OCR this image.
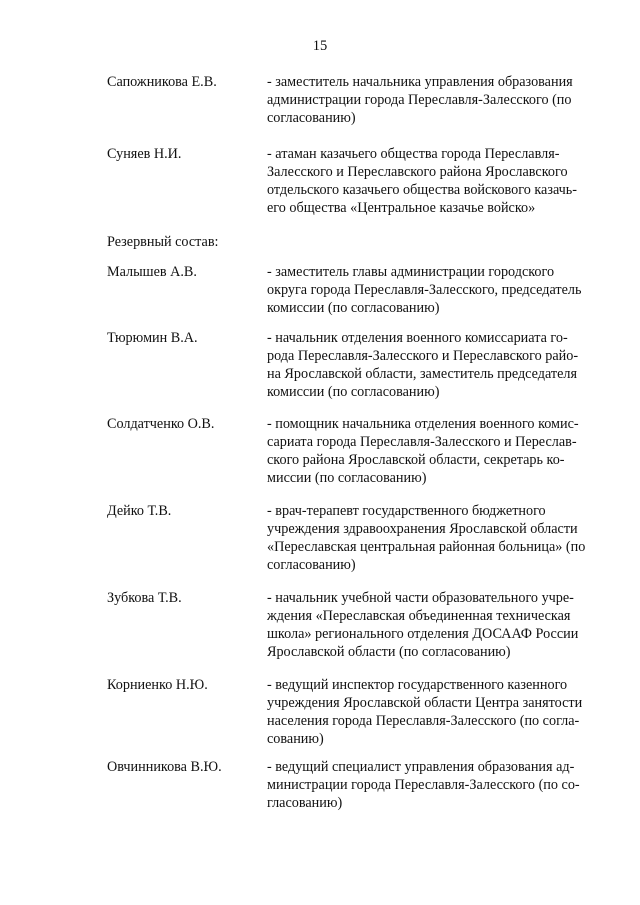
15
Сапожникова Е.В.	- заместитель начальника управления образования
администрации города Переславля-Залесского (по
согласованию)
Суняев Н.И.	- атаман казачьего общества города Переславля-
Залесского и Переславского района Ярославского
отдельского казачьего общества войскового казачь-
его общества «Центральное казачье войско»
Резервный состав:
Малышев А.В.	- заместитель главы администрации городского
округа города Переславля-Залесского, председатель
комиссии (по согласованию)
Тюрюмин В.А.	- начальник отделения военного комиссариата го-
рода Переславля-Залесского и Переславского райо-
на Ярославской области, заместитель председателя
комиссии (по согласованию)
Солдатченко О.В.	- помощник начальника отделения военного комис-
сариата города Переславля-Залесского и Переслав-
ского района Ярославской области, секретарь ко-
миссии (по согласованию)
Дейко Т.В.	- врач-терапевт государственного бюджетного
учреждения здравоохранения Ярославской области
«Переславская центральная районная больница» (по
согласованию)
Зубкова Т.В.	- начальник учебной части образовательного учре-
ждения «Переславская объединенная техническая
школа» регионального отделения ДОСААФ России
Ярославской области (по согласованию)
Корниенко Н.Ю.	- ведущий инспектор государственного казенного
учреждения Ярославской области Центра занятости
населения города Переславля-Залесского (по согла-
сованию)
Овчинникова В.Ю.	- ведущий специалист управления образования ад-
министрации города Переславля-Залесского (по со-
гласованию)
